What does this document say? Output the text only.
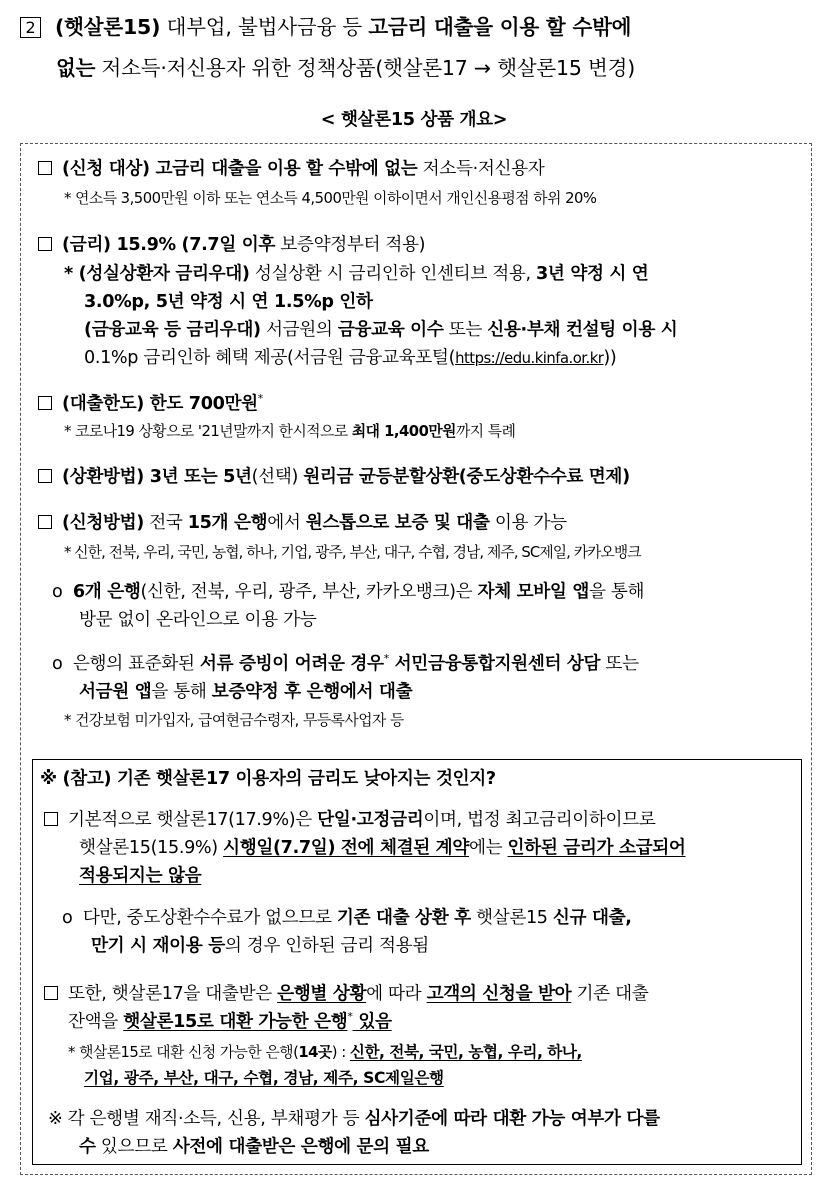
2 (햇살론15) 대부업, 불법사금융 등 고금리 대출을 이용 할 수밖에
없는 저소득·저신용자 위한 정책상품(햇살론17 → 햇살론15 변경)
< 햇살론15 상품 개요>
(신청 대상) 고금리 대출을 이용 할 수밖에 없는 저소득·저신용자
* 연소득 3,500만원 이하 또는 연소득 4,500만원 이하이면서 개인신용평점 하위 20%
(금리) 15.9% (7.7일 이후 보증약정부터 적용)
* (성실상환자 금리우대) 성실상환 시 금리인하 인센티브 적용, 3년 약정 시 연
3.0%p, 5년 약정 시 연 1.5%p 인하
(금융교육 등 금리우대) 서금원의 금융교육 이수 또는 신용·부채 컨설팅 이용 시
0.1%p 금리인하 혜택 제공(서금원 금융교육포털(https://edu.kinfa.or.kr))
(대출한도) 한도 700만원*
* 코로나19 상황으로 '21년말까지 한시적으로 최대 1,400만원까지 특례
(상환방법) 3년 또는 5년(선택) 원리금 균등분할상환(중도상환수수료 면제)
(신청방법) 전국 15개 은행에서 원스톱으로 보증 및 대출 이용 가능
* 신한, 전북, 우리, 국민, 농협, 하나, 기업, 광주, 부산, 대구, 수협, 경남, 제주, SC제일, 카카오뱅크
o  6개 은행(신한, 전북, 우리, 광주, 부산, 카카오뱅크)은 자체 모바일 앱을 통해
방문 없이 온라인으로 이용 가능
o  은행의 표준화된 서류 증빙이 어려운 경우* 서민금융통합지원센터 상담 또는
서금원 앱을 통해 보증약정 후 은행에서 대출
* 건강보험 미가입자, 급여현금수령자, 무등록사업자 등
※ (참고) 기존 햇살론17 이용자의 금리도 낮아지는 것인지?
기본적으로 햇살론17(17.9%)은 단일·고정금리이며, 법정 최고금리이하이므로
햇살론15(15.9%) 시행일(7.7일) 전에 체결된 계약에는 인하된 금리가 소급되어
적용되지는 않음
o  다만, 중도상환수수료가 없으므로 기존 대출 상환 후 햇살론15 신규 대출,
만기 시 재이용 등의 경우 인하된 금리 적용됨
또한, 햇살론17을 대출받은 은행별 상황에 따라 고객의 신청을 받아 기존 대출
잔액을 햇살론15로 대환 가능한 은행* 있음
* 햇살론15로 대환 신청 가능한 은행(14곳) : 신한, 전북, 국민, 농협, 우리, 하나,
기업, 광주, 부산, 대구, 수협, 경남, 제주, SC제일은행
※ 각 은행별 재직·소득, 신용, 부채평가 등 심사기준에 따라 대환 가능 여부가 다를
수 있으므로 사전에 대출받은 은행에 문의 필요
